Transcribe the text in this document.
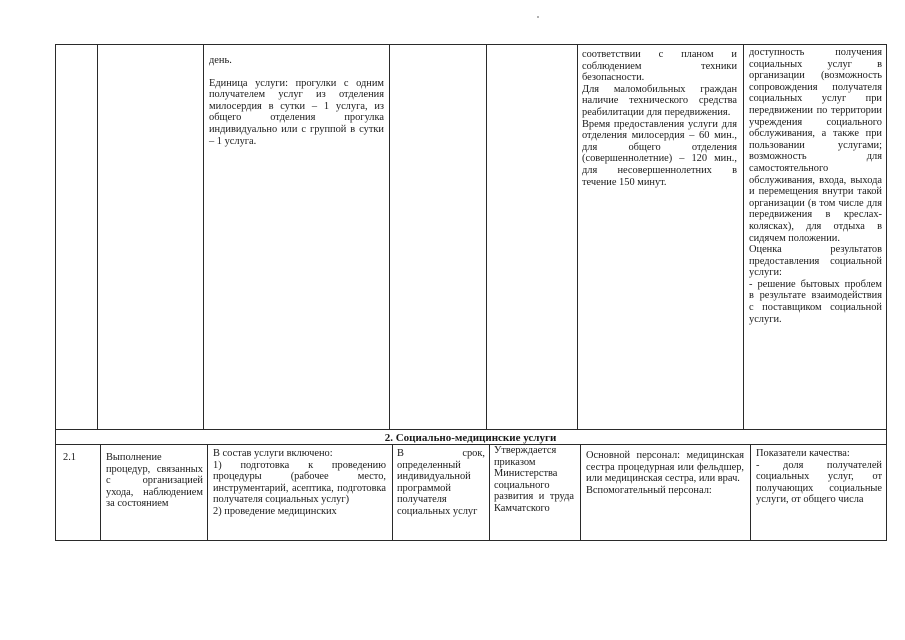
день.

Единица услуги: прогулки с одним получателем услуг из отделения милосердия в сутки – 1 услуга, из общего отделения прогулка индивидуально или с группой в сутки – 1 услуга.

соответствии с планом и соблюдением техники безопасности.

Для маломобильных граждан наличие технического средства реабилитации для передвижения.

Время предоставления услуги для отделения милосердия – 60 мин., для общего отделения (совершеннолетние) – 120 мин., для несовершеннолетних в течение 150 минут.

доступность получения социальных услуг в организации (возможность сопровождения получателя социальных услуг при передвижении по территории учреждения социального обслуживания, а также при пользовании услугами; возможность для самостоятельного обслуживания, входа, выхода и перемещения внутри такой организации (в том числе для передвижения в креслах-колясках), для отдыха в сидячем положении.

Оценка результатов предоставления социальной услуги:

- решение бытовых проблем в результате взаимодействия с поставщиком социальной услуги.

2. Социально-медицинские услуги
2.1	Выполнение процедур, связанных с организацией ухода, наблюдением за состоянием

В состав услуги включено:

1) подготовка к проведению процедуры (рабочее место, инструментарий, асептика, подготовка получателя социальных услуг)

2) проведение медицинских

В срок, определенный индивидуальной программой получателя социальных услуг

Утверждается приказом Министерства социального развития и труда Камчатского

Основной персонал: медицинская сестра процедурная или фельдшер, или медицинская сестра, или врач.

Вспомогательный персонал:

Показатели качества:

- доля получателей социальных услуг, от получающих социальные услуги, от общего числа
